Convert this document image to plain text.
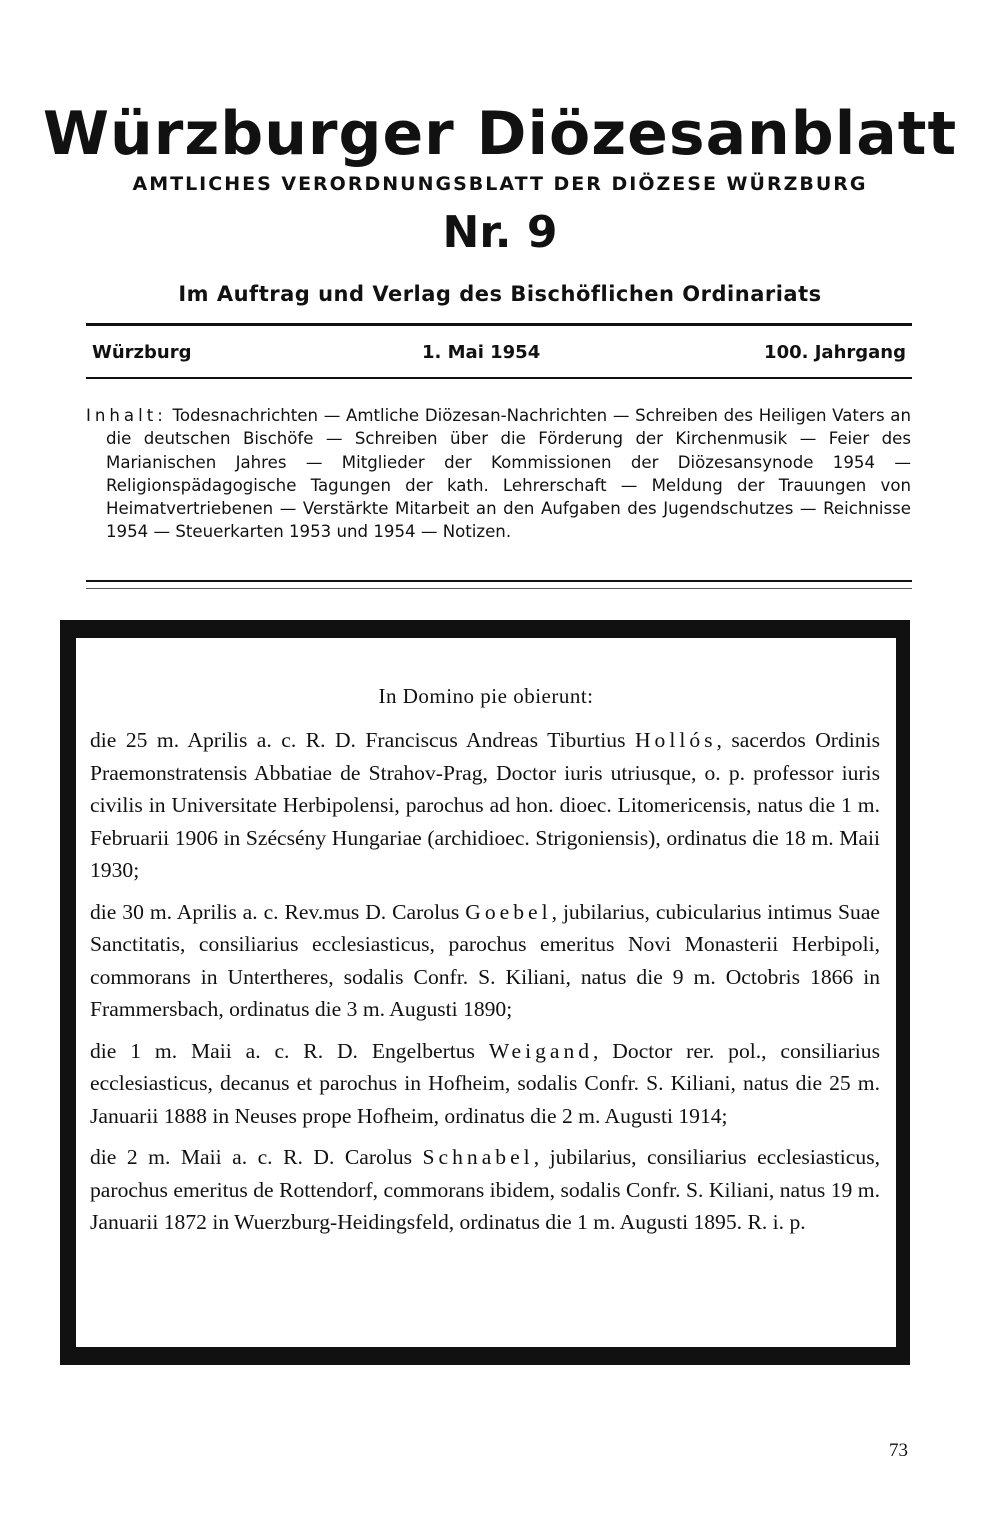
Würzburger Diözesanblatt
AMTLICHES VERORDNUNGSBLATT DER DIÖZESE WÜRZBURG
Nr. 9
Im Auftrag und Verlag des Bischöflichen Ordinariats
Würzburg	1. Mai 1954	100. Jahrgang
Inhalt: Todesnachrichten — Amtliche Diözesan-Nachrichten — Schreiben des Heiligen Vaters an die deutschen Bischöfe — Schreiben über die Förderung der Kirchenmusik — Feier des Marianischen Jahres — Mitglieder der Kommissionen der Diözesansynode 1954 — Religionspädagogische Tagungen der kath. Lehrerschaft — Meldung der Trauungen von Heimatvertriebenen — Verstärkte Mitarbeit an den Aufgaben des Jugendschutzes — Reichnisse 1954 — Steuerkarten 1953 und 1954 — Notizen.
In Domino pie obierunt:

die 25 m. Aprilis a. c. R. D. Franciscus Andreas Tiburtius Hollós, sacerdos Ordinis Praemonstratensis Abbatiae de Strahov-Prag, Doctor iuris utriusque, o. p. professor iuris civilis in Universitate Herbipolensi, parochus ad hon. dioec. Litomericensis, natus die 1 m. Februarii 1906 in Szécsény Hungariae (archidioec. Strigoniensis), ordinatus die 18 m. Maii 1930;

die 30 m. Aprilis a. c. Rev.mus D. Carolus Goebel, jubilarius, cubicularius intimus Suae Sanctitatis, consiliarius ecclesiasticus, parochus emeritus Novi Monasterii Herbipoli, commorans in Untertheres, sodalis Confr. S. Kiliani, natus die 9 m. Octobris 1866 in Frammersbach, ordinatus die 3 m. Augusti 1890;

die 1 m. Maii a. c. R. D. Engelbertus Weigand, Doctor rer. pol., consiliarius ecclesiasticus, decanus et parochus in Hofheim, sodalis Confr. S. Kiliani, natus die 25 m. Januarii 1888 in Neuses prope Hofheim, ordinatus die 2 m. Augusti 1914;

die 2 m. Maii a. c. R. D. Carolus Schnabel, jubilarius, consiliarius ecclesiasticus, parochus emeritus de Rottendorf, commorans ibidem, sodalis Confr. S. Kiliani, natus 19 m. Januarii 1872 in Wuerzburg-Heidingsfeld, ordinatus die 1 m. Augusti 1895. R. i. p.

73
